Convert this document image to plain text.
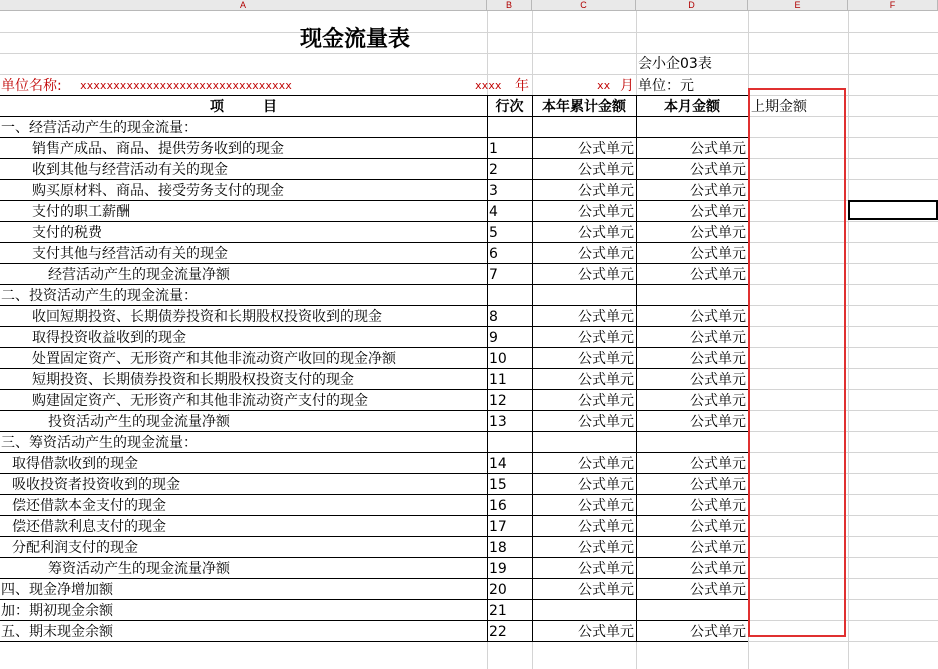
A	B	C	D	E	F
现金流量表
会小企03表
单位名称: xxxxxxxxxxxxxxxxxxxxxxxxxxxxxxxx	xxxx 年	xx 月 单位：元
项        目	行次	本年累计金额	本月金额	上期金额
一、经营活动产生的现金流量：
销售产成品、商品、提供劳务收到的现金	1	公式单元	公式单元
收到其他与经营活动有关的现金	2	公式单元	公式单元
购买原材料、商品、接受劳务支付的现金	3	公式单元	公式单元
支付的职工薪酬	4	公式单元	公式单元
支付的税费	5	公式单元	公式单元
支付其他与经营活动有关的现金	6	公式单元	公式单元
经营活动产生的现金流量净额	7	公式单元	公式单元
二、投资活动产生的现金流量：
收回短期投资、长期债券投资和长期股权投资收到的现金	8	公式单元	公式单元
取得投资收益收到的现金	9	公式单元	公式单元
处置固定资产、无形资产和其他非流动资产收回的现金净额	10	公式单元	公式单元
短期投资、长期债券投资和长期股权投资支付的现金	11	公式单元	公式单元
购建固定资产、无形资产和其他非流动资产支付的现金	12	公式单元	公式单元
投资活动产生的现金流量净额	13	公式单元	公式单元
三、筹资活动产生的现金流量：
取得借款收到的现金	14	公式单元	公式单元
吸收投资者投资收到的现金	15	公式单元	公式单元
偿还借款本金支付的现金	16	公式单元	公式单元
偿还借款利息支付的现金	17	公式单元	公式单元
分配利润支付的现金	18	公式单元	公式单元
筹资活动产生的现金流量净额	19	公式单元	公式单元
四、现金净增加额	20	公式单元	公式单元
加：期初现金余额	21
五、期末现金余额	22	公式单元	公式单元
